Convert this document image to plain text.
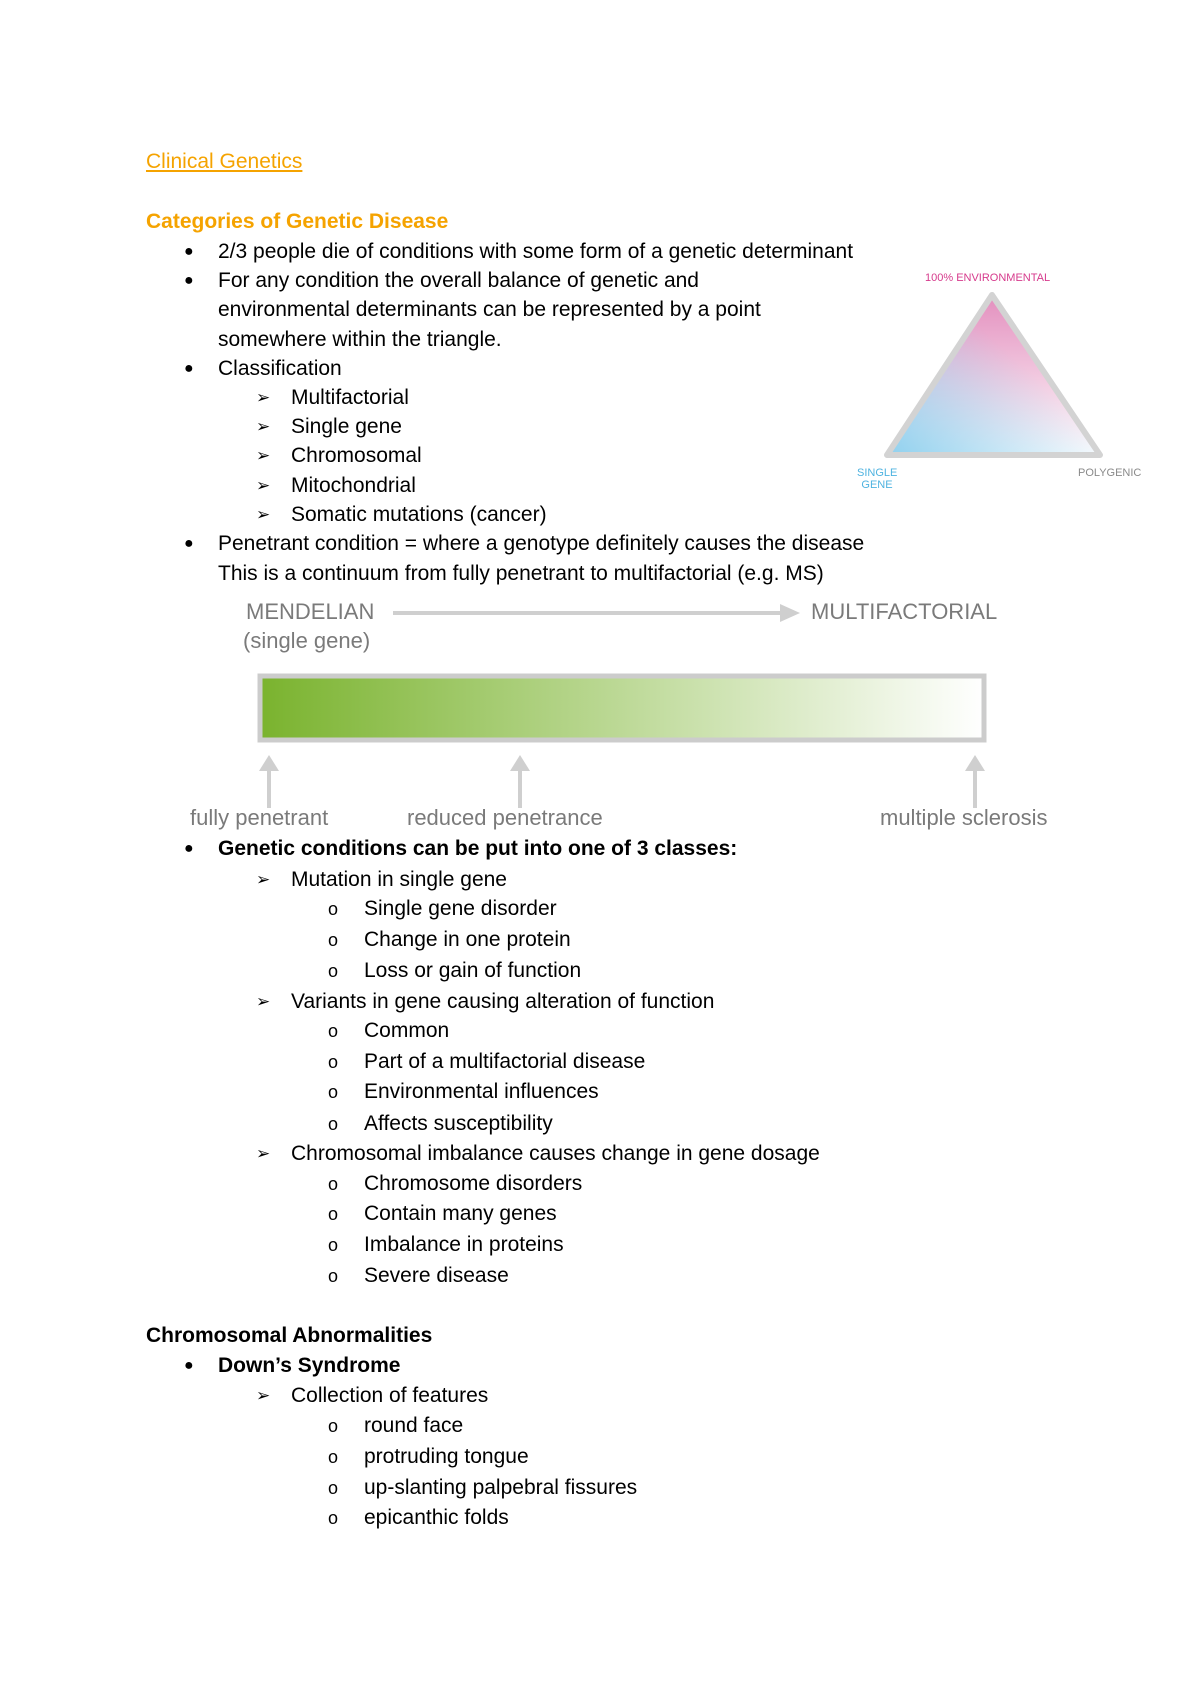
Clinical Genetics
Categories of Genetic Disease
● 2/3 people die of conditions with some form of a genetic determinant
● For any condition the overall balance of genetic and
environmental determinants can be represented by a point
somewhere within the triangle.
● Classification
➢ Multifactorial
➢ Single gene
➢ Chromosomal
➢ Mitochondrial
➢ Somatic mutations (cancer)
● Penetrant condition = where a genotype definitely causes the disease
This is a continuum from fully penetrant to multifactorial (e.g. MS)
100% ENVIRONMENTAL
SINGLE
GENE
POLYGENIC
MENDELIAN
(single gene)
MULTIFACTORIAL
fully penetrant	reduced penetrance	multiple sclerosis
● Genetic conditions can be put into one of 3 classes:
➢ Mutation in single gene
o Single gene disorder
o Change in one protein
o Loss or gain of function
➢ Variants in gene causing alteration of function
o Common
o Part of a multifactorial disease
o Environmental influences
o Affects susceptibility
➢ Chromosomal imbalance causes change in gene dosage
o Chromosome disorders
o Contain many genes
o Imbalance in proteins
o Severe disease
Chromosomal Abnormalities
● Down’s Syndrome
➢ Collection of features
o round face
o protruding tongue
o up-slanting palpebral fissures
o epicanthic folds
